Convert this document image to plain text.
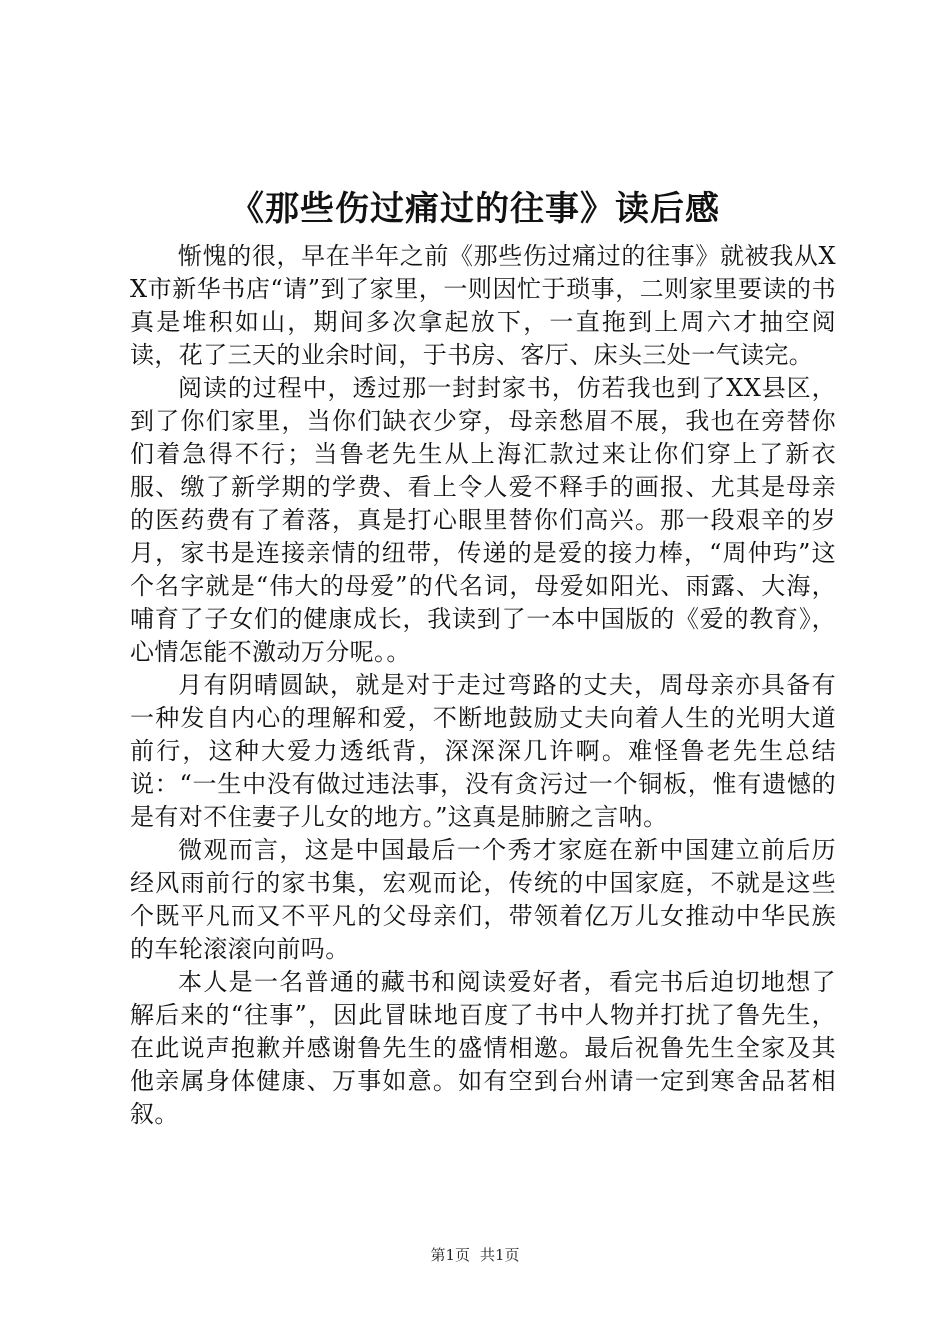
《那些伤过痛过的往事》读后感

惭愧的很，早在半年之前《那些伤过痛过的往事》就被我从XX市新华书店“请”到了家里，一则因忙于琐事，二则家里要读的书真是堆积如山，期间多次拿起放下，一直拖到上周六才抽空阅读，花了三天的业余时间，于书房、客厅、床头三处一气读完。

阅读的过程中，透过那一封封家书，仿若我也到了XX县区，到了你们家里，当你们缺衣少穿，母亲愁眉不展，我也在旁替你们着急得不行；当鲁老先生从上海汇款过来让你们穿上了新衣服、缴了新学期的学费、看上令人爱不释手的画报、尤其是母亲的医药费有了着落，真是打心眼里替你们高兴。那一段艰辛的岁月，家书是连接亲情的纽带，传递的是爱的接力棒，“周仲玙”这个名字就是“伟大的母爱”的代名词，母爱如阳光、雨露、大海，哺育了子女们的健康成长，我读到了一本中国版的《爱的教育》，心情怎能不激动万分呢。。

月有阴晴圆缺，就是对于走过弯路的丈夫，周母亲亦具备有一种发自内心的理解和爱，不断地鼓励丈夫向着人生的光明大道前行，这种大爱力透纸背，深深深几许啊。难怪鲁老先生总结说：“一生中没有做过违法事，没有贪污过一个铜板，惟有遗憾的是有对不住妻子儿女的地方。”这真是肺腑之言呐。

微观而言，这是中国最后一个秀才家庭在新中国建立前后历经风雨前行的家书集，宏观而论，传统的中国家庭，不就是这些个既平凡而又不平凡的父母亲们，带领着亿万儿女推动中华民族的车轮滚滚向前吗。

本人是一名普通的藏书和阅读爱好者，看完书后迫切地想了解后来的“往事”，因此冒昧地百度了书中人物并打扰了鲁先生，在此说声抱歉并感谢鲁先生的盛情相邀。最后祝鲁先生全家及其他亲属身体健康、万事如意。如有空到台州请一定到寒舍品茗相叙。

第1页 共1页
